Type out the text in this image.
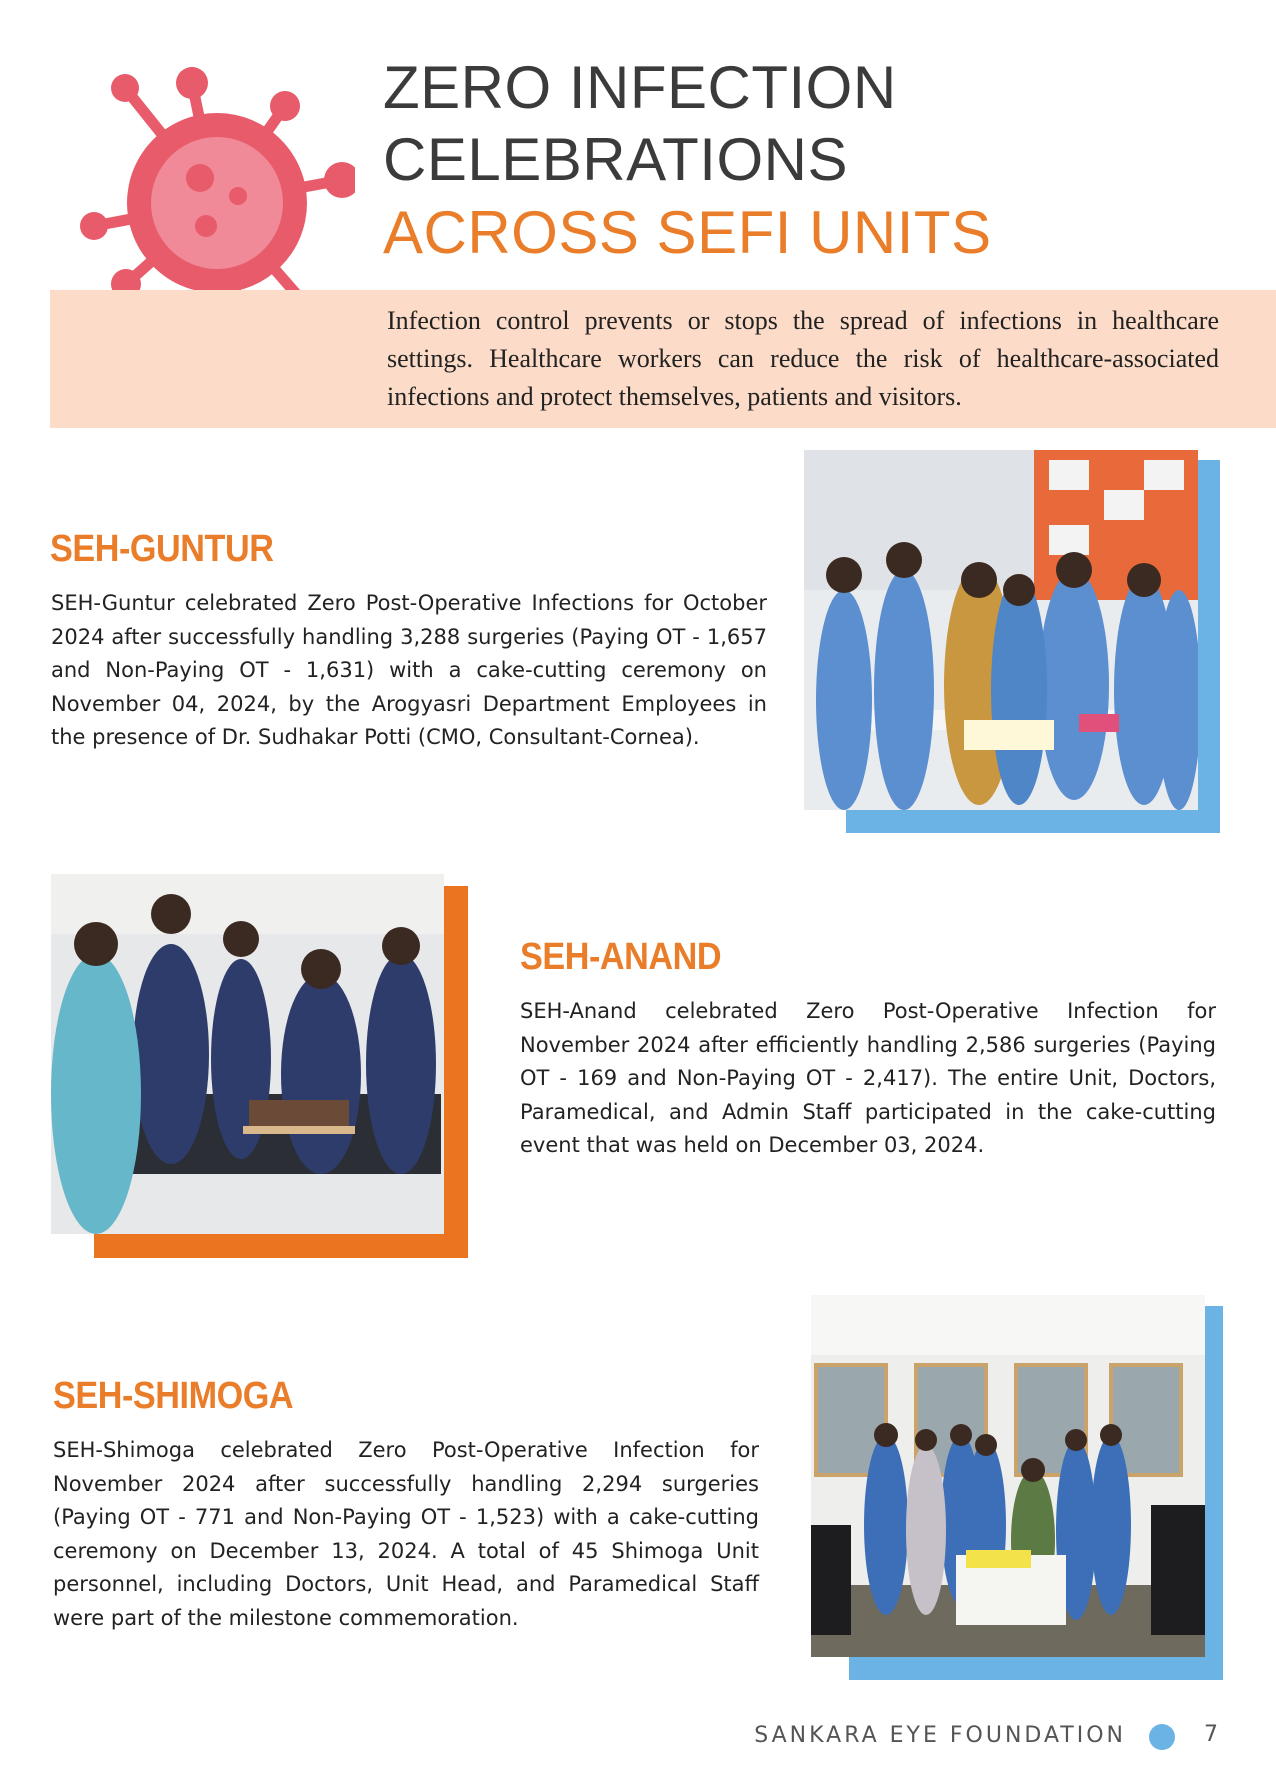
ZERO INFECTION
CELEBRATIONS
ACROSS SEFI UNITS
Infection control prevents or stops the spread of infections in healthcare settings. Healthcare workers can reduce the risk of healthcare-associated infections and protect themselves, patients and visitors.
SEH-GUNTUR
SEH-Guntur celebrated Zero Post-Operative Infections for October 2024 after successfully handling 3,288 surgeries (Paying OT - 1,657 and Non-Paying OT - 1,631) with a cake-cutting ceremony on November 04, 2024, by the Arogyasri Department Employees in the presence of Dr. Sudhakar Potti (CMO, Consultant-Cornea).
SEH-ANAND
SEH-Anand celebrated Zero Post-Operative Infection for November 2024 after efficiently handling 2,586 surgeries (Paying OT - 169 and Non-Paying OT - 2,417). The entire Unit, Doctors, Paramedical, and Admin Staff participated in the cake-cutting event that was held on December 03, 2024.
SEH-SHIMOGA
SEH-Shimoga celebrated Zero Post-Operative Infection for November 2024 after successfully handling 2,294 surgeries (Paying OT - 771 and Non-Paying OT - 1,523) with a cake-cutting ceremony on December 13, 2024. A total of 45 Shimoga Unit personnel, including Doctors, Unit Head, and Paramedical Staff were part of the milestone commemoration.
SANKARA EYE FOUNDATION	7
